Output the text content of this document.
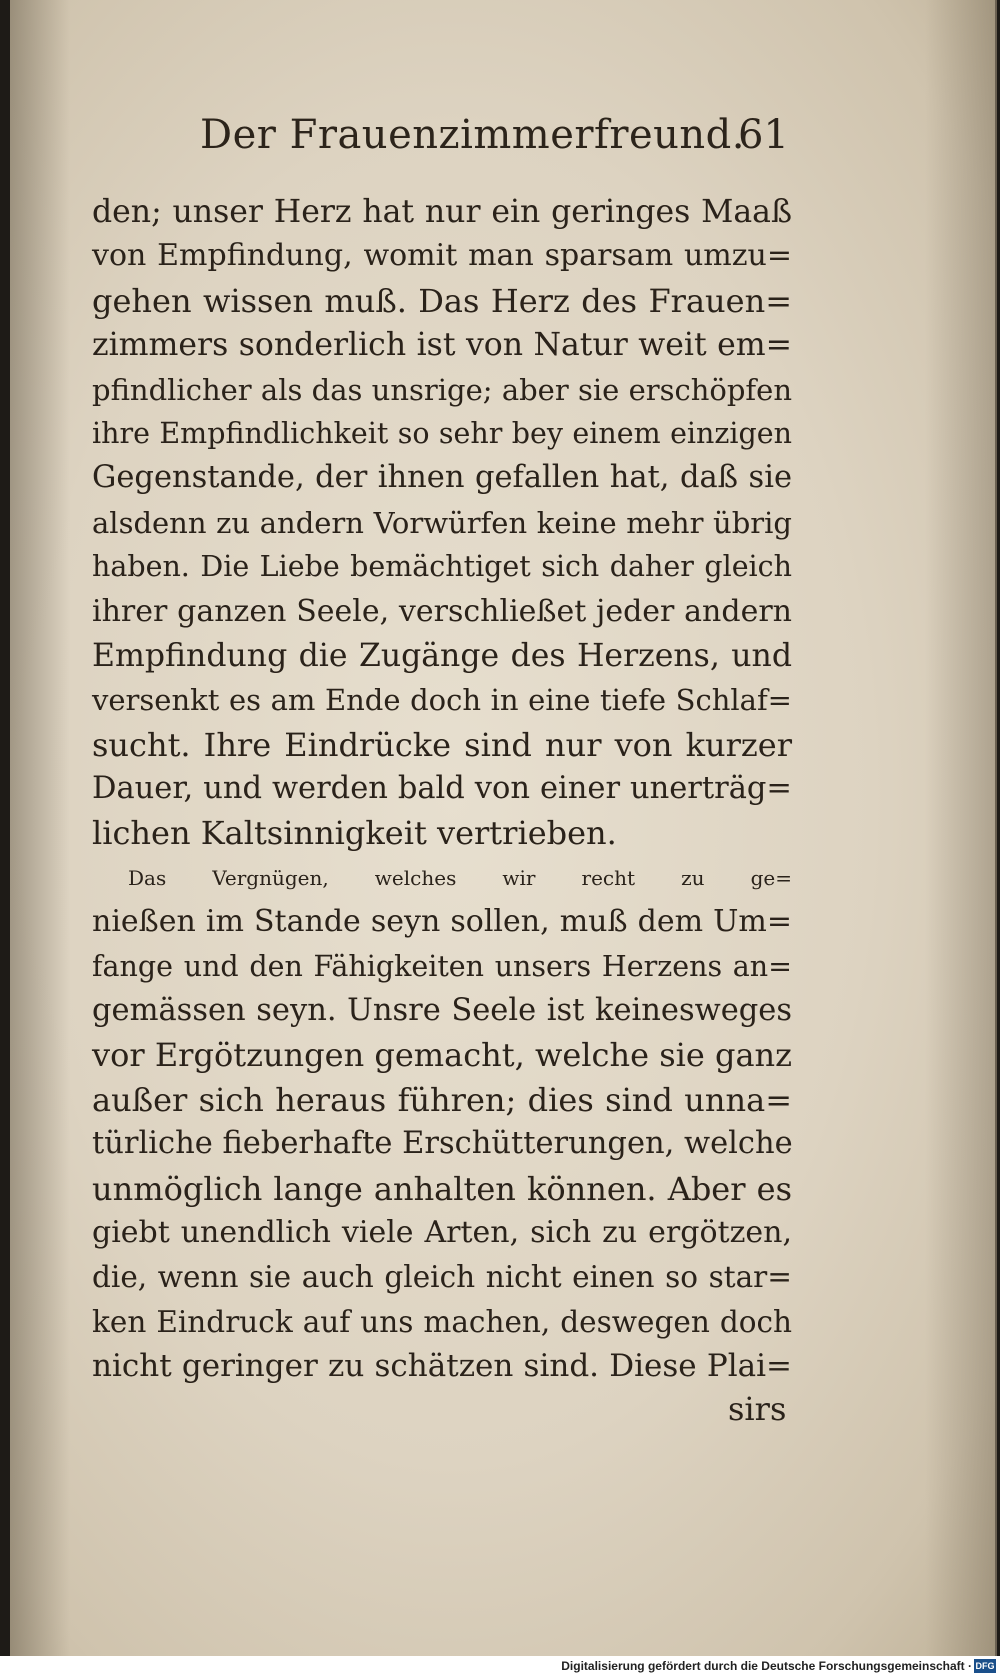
Der Frauenzimmerfreund.
61
den; unser Herz hat nur ein geringes Maaß
von Empfindung, womit man sparsam umzu=
gehen wissen muß. Das Herz des Frauen=
zimmers sonderlich ist von Natur weit em=
pfindlicher als das unsrige; aber sie erschöpfen
ihre Empfindlichkeit so sehr bey einem einzigen
Gegenstande, der ihnen gefallen hat, daß sie
alsdenn zu andern Vorwürfen keine mehr übrig
haben. Die Liebe bemächtiget sich daher gleich
ihrer ganzen Seele, verschließet jeder andern
Empfindung die Zugänge des Herzens, und
versenkt es am Ende doch in eine tiefe Schlaf=
sucht. Ihre Eindrücke sind nur von kurzer
Dauer, und werden bald von einer unerträg=
lichen Kaltsinnigkeit vertrieben.
Das Vergnügen, welches wir recht zu ge=
nießen im Stande seyn sollen, muß dem Um=
fange und den Fähigkeiten unsers Herzens an=
gemässen seyn. Unsre Seele ist keinesweges
vor Ergötzungen gemacht, welche sie ganz
außer sich heraus führen; dies sind unna=
türliche fieberhafte Erschütterungen, welche
unmöglich lange anhalten können. Aber es
giebt unendlich viele Arten, sich zu ergötzen,
die, wenn sie auch gleich nicht einen so star=
ken Eindruck auf uns machen, deswegen doch
nicht geringer zu schätzen sind. Diese Plai=
sirs
Digitalisierung gefördert durch die Deutsche Forschungsgemeinschaft · DFG
